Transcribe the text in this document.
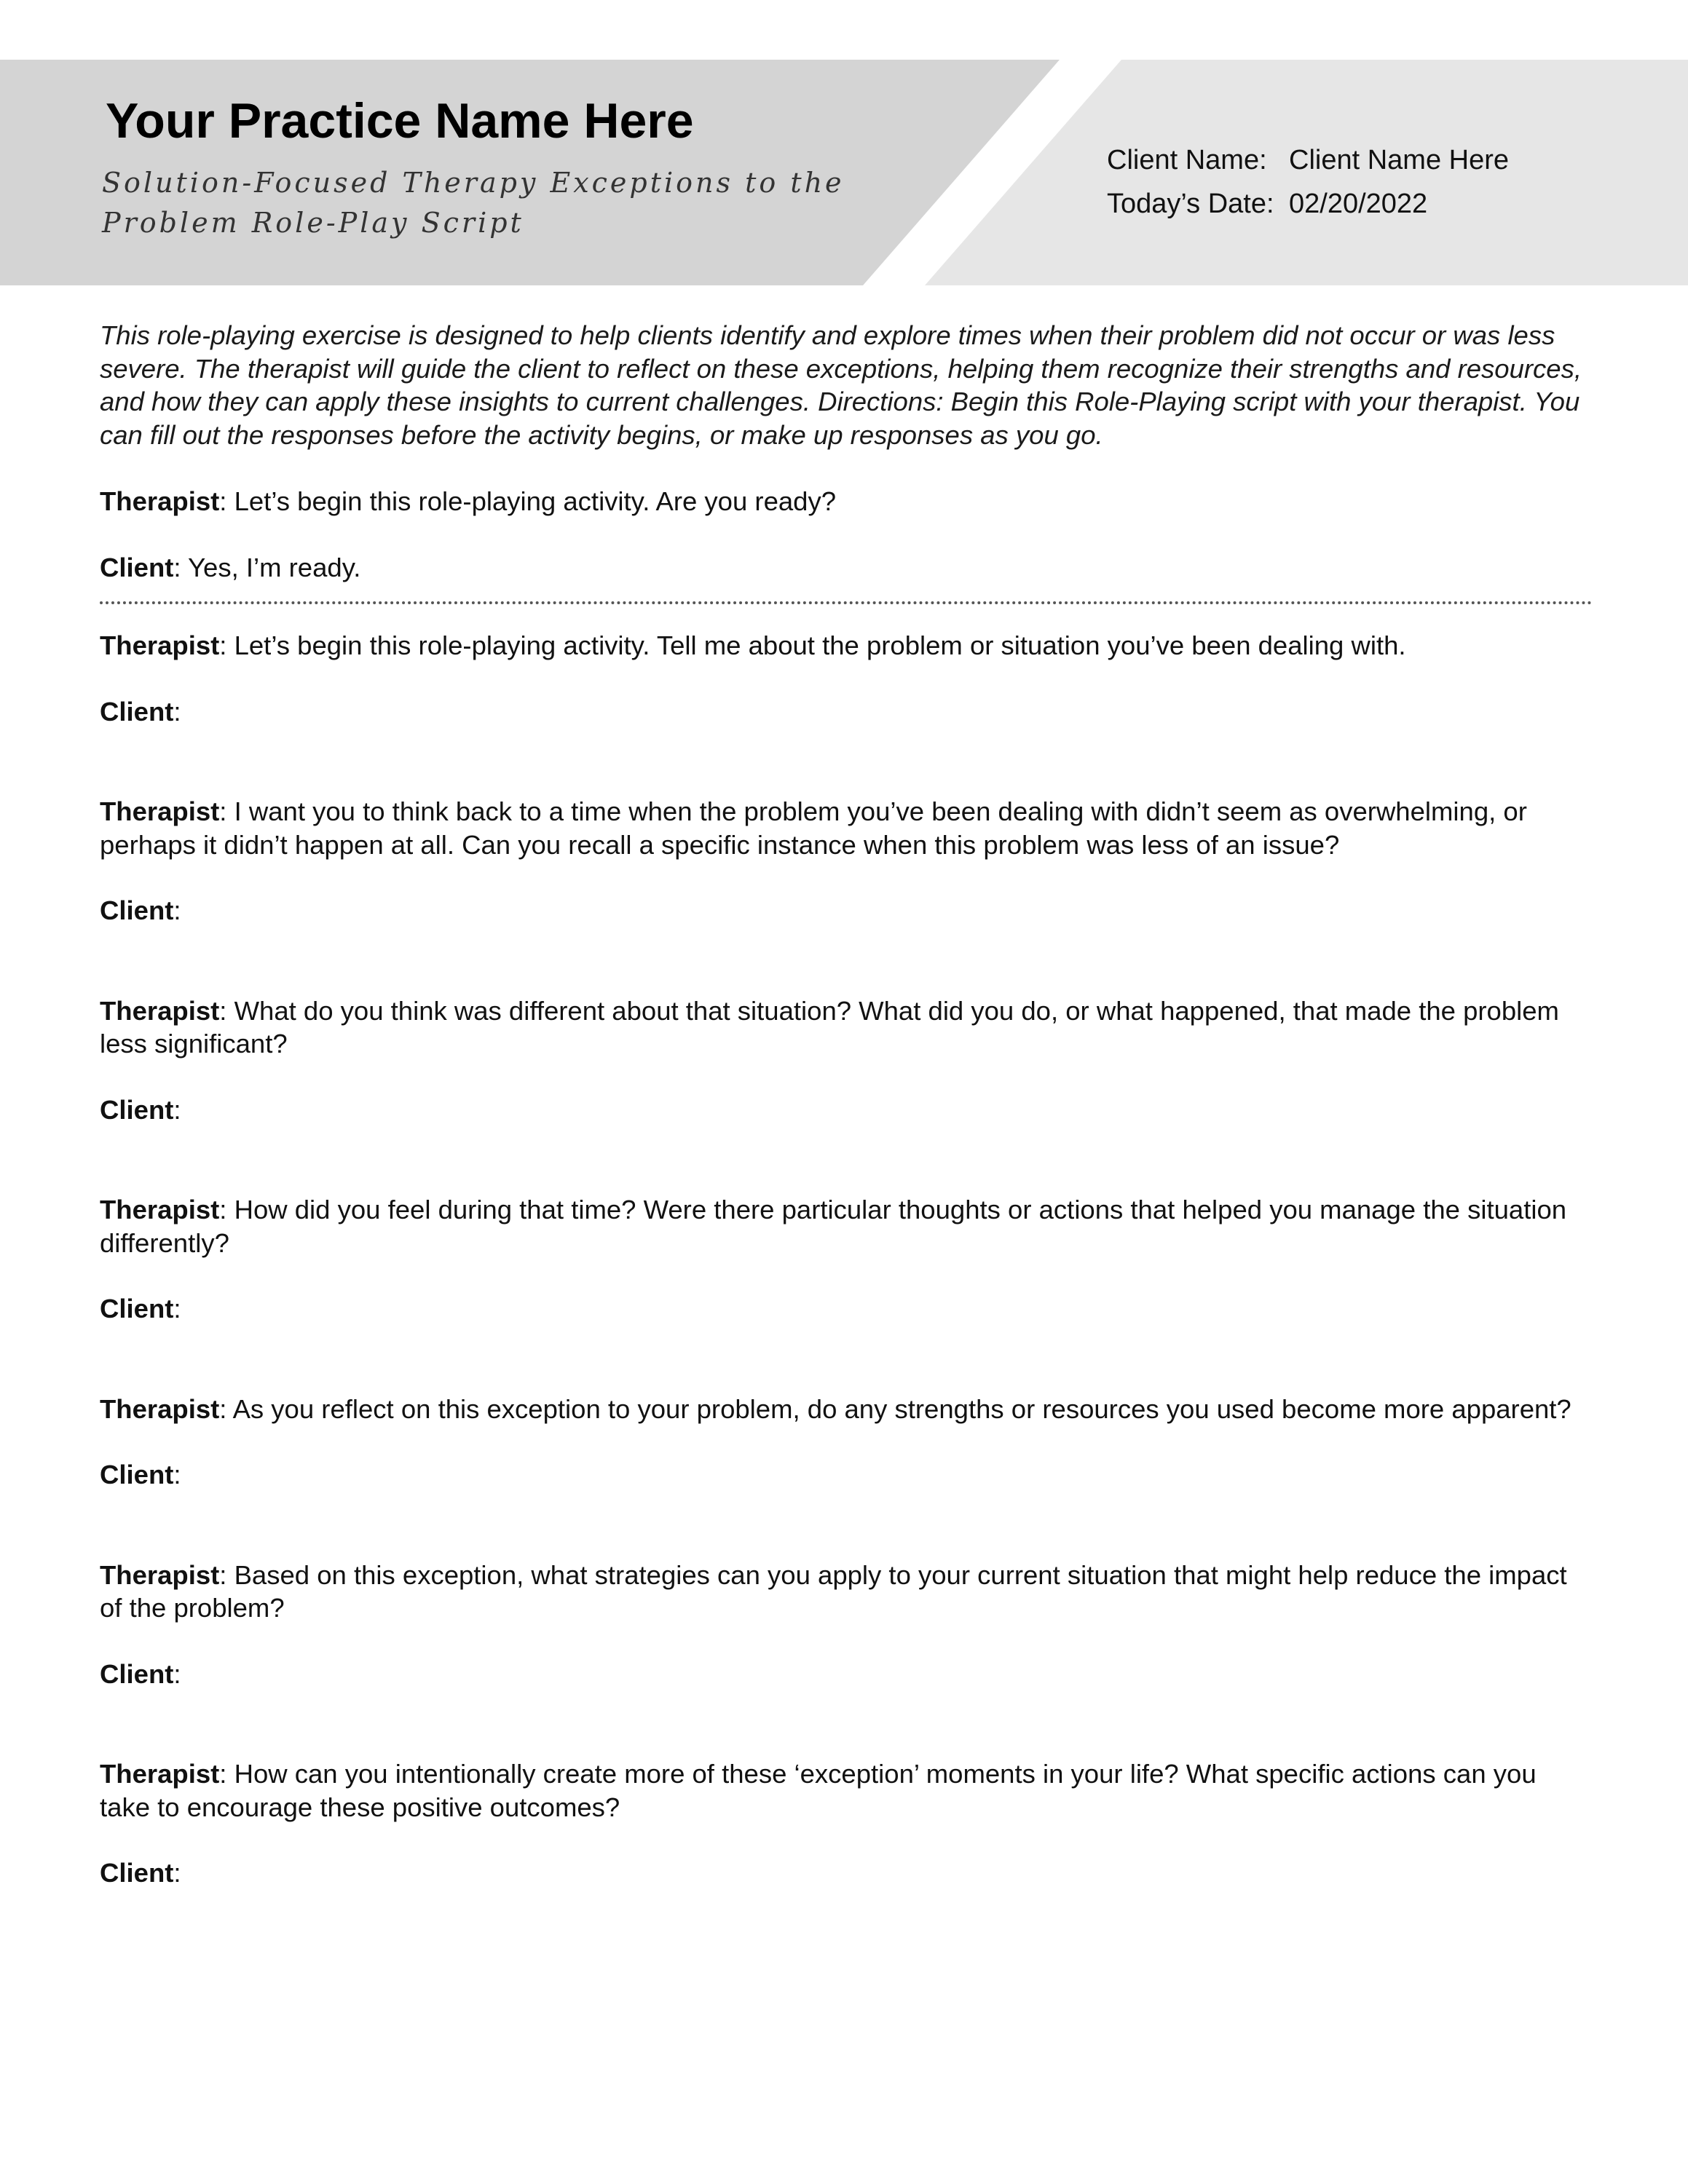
Your Practice Name Here

Solution-Focused Therapy Exceptions to the Problem Role-Play Script

Client Name: Client Name Here
Today’s Date: 02/20/2022

This role-playing exercise is designed to help clients identify and explore times when their problem did not occur or was less severe. The therapist will guide the client to reflect on these exceptions, helping them recognize their strengths and resources, and how they can apply these insights to current challenges. Directions: Begin this Role-Playing script with your therapist. You can fill out the responses before the activity begins, or make up responses as you go.

Therapist: Let’s begin this role-playing activity. Are you ready?

Client: Yes, I’m ready.

Therapist: Let’s begin this role-playing activity. Tell me about the problem or situation you’ve been dealing with.

Client:

Therapist: I want you to think back to a time when the problem you’ve been dealing with didn’t seem as overwhelming, or perhaps it didn’t happen at all. Can you recall a specific instance when this problem was less of an issue?

Client:

Therapist: What do you think was different about that situation? What did you do, or what happened, that made the problem less significant?

Client:

Therapist: How did you feel during that time? Were there particular thoughts or actions that helped you manage the situation differently?

Client:

Therapist: As you reflect on this exception to your problem, do any strengths or resources you used become more apparent?

Client:

Therapist: Based on this exception, what strategies can you apply to your current situation that might help reduce the impact of the problem?

Client:

Therapist: How can you intentionally create more of these ‘exception’ moments in your life? What specific actions can you take to encourage these positive outcomes?

Client:
